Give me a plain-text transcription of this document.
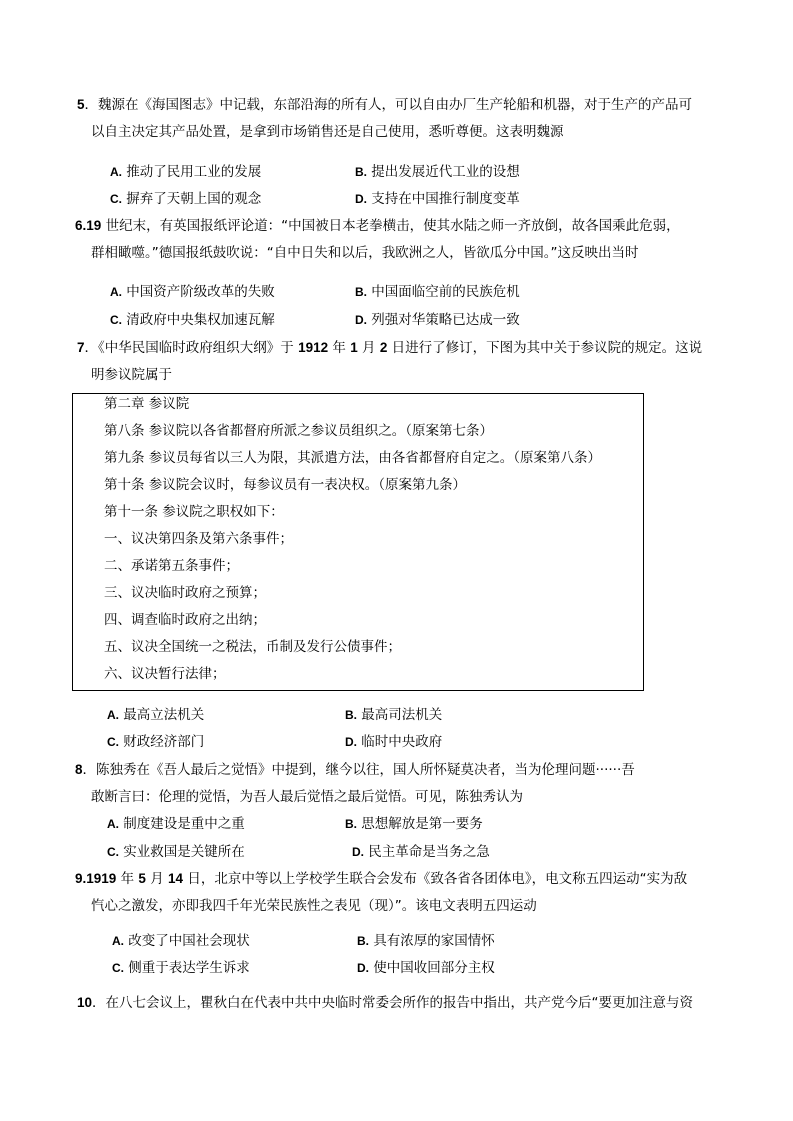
5．魏源在《海国图志》中记载，东部沿海的所有人，可以自由办厂生产轮船和机器，对于生产的产品可
以自主决定其产品处置，是拿到市场销售还是自己使用，悉听尊便。这表明魏源
A. 推动了民用工业的发展	B. 提出发展近代工业的设想
C. 摒弃了天朝上国的观念	D. 支持在中国推行制度变革
6.19 世纪末，有英国报纸评论道：“中国被日本老拳横击，使其水陆之师一齐放倒，故各国乘此危弱，
群相瞰噬。”德国报纸鼓吹说：“自中日失和以后，我欧洲之人，皆欲瓜分中国。”这反映出当时
A. 中国资产阶级改革的失败	B. 中国面临空前的民族危机
C. 清政府中央集权加速瓦解	D. 列强对华策略已达成一致
7．《中华民国临时政府组织大纲》于 1912 年 1 月 2 日进行了修订，下图为其中关于参议院的规定。这说
明参议院属于
第二章 参议院
第八条 参议院以各省都督府所派之参议员组织之。（原案第七条）
第九条 参议员每省以三人为限，其派遣方法，由各省都督府自定之。（原案第八条）
第十条 参议院会议时，每参议员有一表决权。（原案第九条）
第十一条 参议院之职权如下：
一、议决第四条及第六条事件；
二、承诺第五条事件；
三、议决临时政府之预算；
四、调查临时政府之出纳；
五、议决全国统一之税法，币制及发行公债事件；
六、议决暂行法律；
A. 最高立法机关	B. 最高司法机关
C. 财政经济部门	D. 临时中央政府
8．陈独秀在《吾人最后之觉悟》中提到，继今以往，国人所怀疑莫决者，当为伦理问题······吾
敢断言曰：伦理的觉悟，为吾人最后觉悟之最后觉悟。可见，陈独秀认为
A. 制度建设是重中之重	B. 思想解放是第一要务
C. 实业救国是关键所在	D. 民主革命是当务之急
9.1919 年 5 月 14 日，北京中等以上学校学生联合会发布《致各省各团体电》，电文称五四运动“实为敌
忾心之激发，亦即我四千年光荣民族性之表见（现）”。该电文表明五四运动
A. 改变了中国社会现状	B. 具有浓厚的家国情怀
C. 侧重于表达学生诉求	D. 使中国收回部分主权
10．在八七会议上，瞿秋白在代表中共中央临时常委会所作的报告中指出，共产党今后“要更加注意与资
